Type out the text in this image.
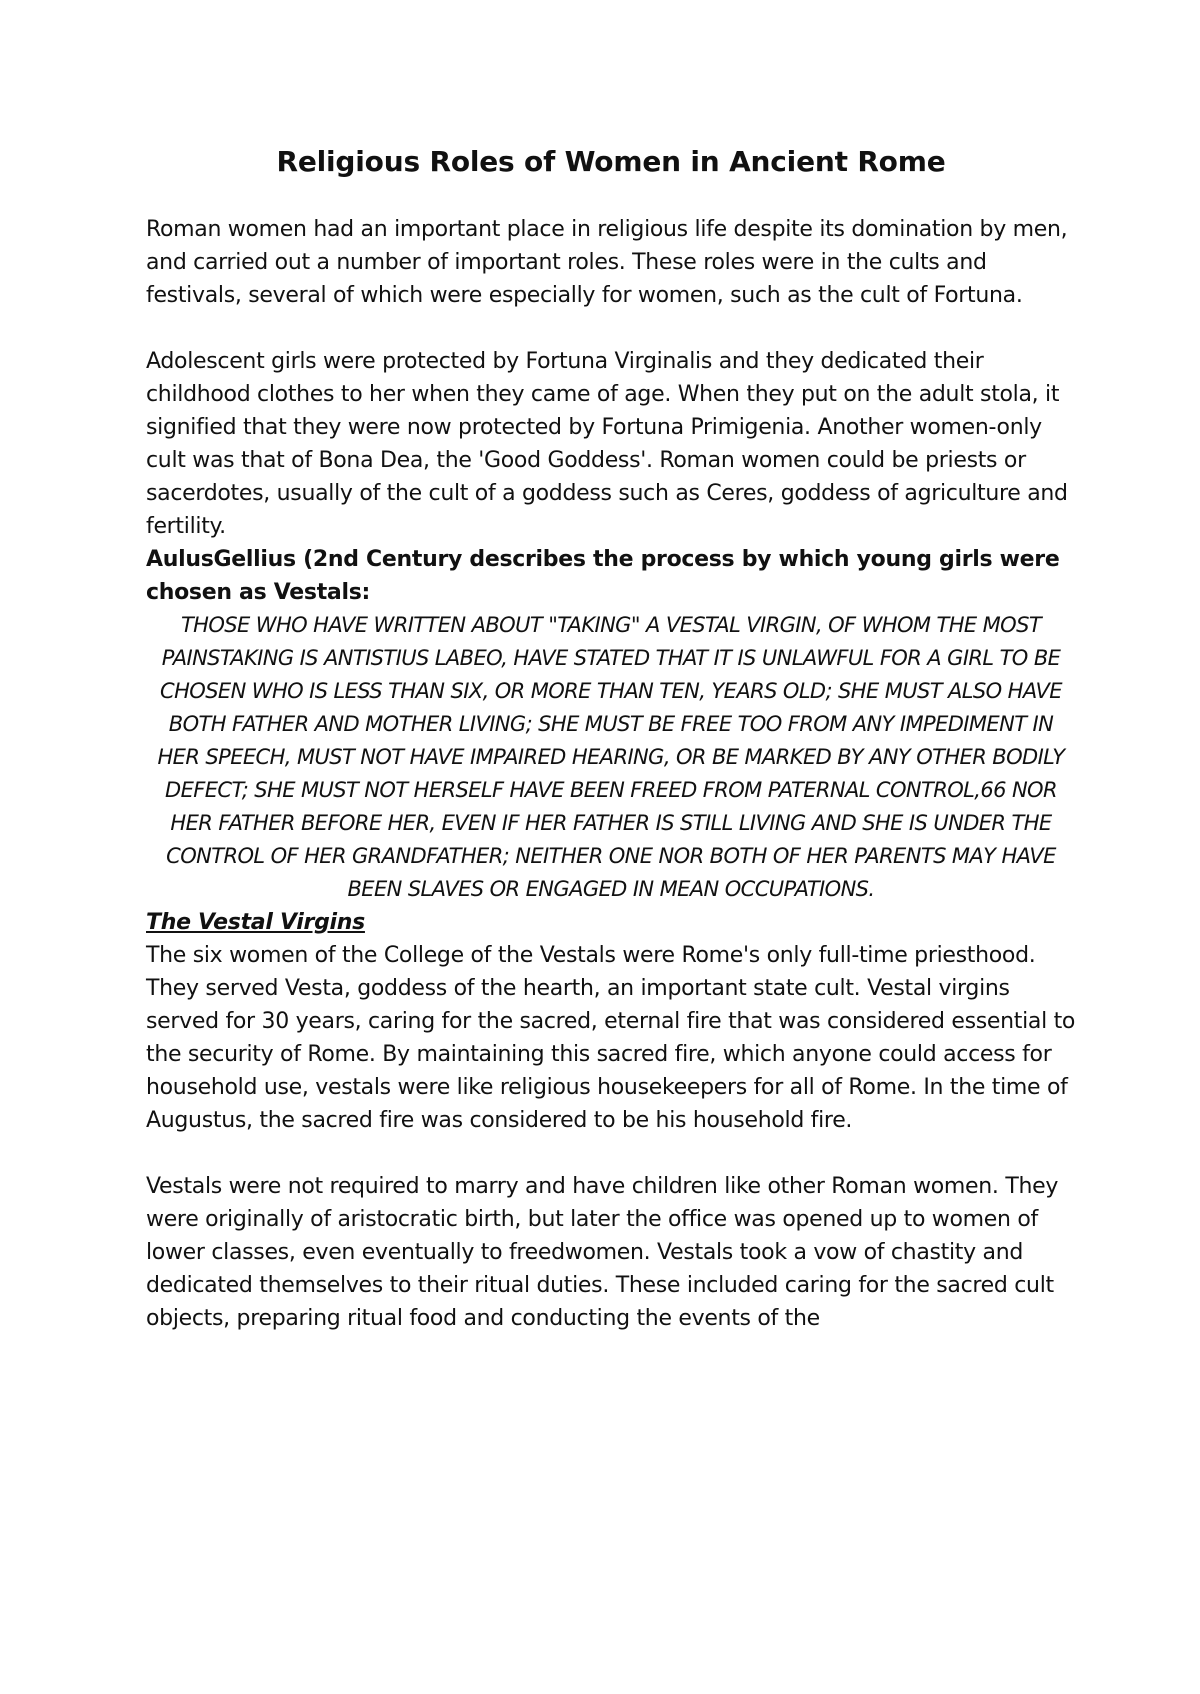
Religious Roles of Women in Ancient Rome

Roman women had an important place in religious life despite its domination by men, and carried out a number of important roles. These roles were in the cults and festivals, several of which were especially for women, such as the cult of Fortuna.

Adolescent girls were protected by Fortuna Virginalis and they dedicated their childhood clothes to her when they came of age. When they put on the adult stola, it signified that they were now protected by Fortuna Primigenia. Another women-only cult was that of Bona Dea, the 'Good Goddess'. Roman women could be priests or sacerdotes, usually of the cult of a goddess such as Ceres, goddess of agriculture and fertility.

AulusGellius (2nd Century describes the process by which young girls were chosen as Vestals:

THOSE WHO HAVE WRITTEN ABOUT "TAKING" A VESTAL VIRGIN, OF WHOM THE MOST PAINSTAKING IS ANTISTIUS LABEO, HAVE STATED THAT IT IS UNLAWFUL FOR A GIRL TO BE CHOSEN WHO IS LESS THAN SIX, OR MORE THAN TEN, YEARS OLD; SHE MUST ALSO HAVE BOTH FATHER AND MOTHER LIVING; SHE MUST BE FREE TOO FROM ANY IMPEDIMENT IN HER SPEECH, MUST NOT HAVE IMPAIRED HEARING, OR BE MARKED BY ANY OTHER BODILY DEFECT; SHE MUST NOT HERSELF HAVE BEEN FREED FROM PATERNAL CONTROL,66 NOR HER FATHER BEFORE HER, EVEN IF HER FATHER IS STILL LIVING AND SHE IS UNDER THE CONTROL OF HER GRANDFATHER; NEITHER ONE NOR BOTH OF HER PARENTS MAY HAVE BEEN SLAVES OR ENGAGED IN MEAN OCCUPATIONS.

The Vestal Virgins

The six women of the College of the Vestals were Rome's only full-time priesthood. They served Vesta, goddess of the hearth, an important state cult. Vestal virgins served for 30 years, caring for the sacred, eternal fire that was considered essential to the security of Rome. By maintaining this sacred fire, which anyone could access for household use, vestals were like religious housekeepers for all of Rome. In the time of Augustus, the sacred fire was considered to be his household fire.

Vestals were not required to marry and have children like other Roman women. They were originally of aristocratic birth, but later the office was opened up to women of lower classes, even eventually to freedwomen. Vestals took a vow of chastity and dedicated themselves to their ritual duties. These included caring for the sacred cult objects, preparing ritual food and conducting the events of the
